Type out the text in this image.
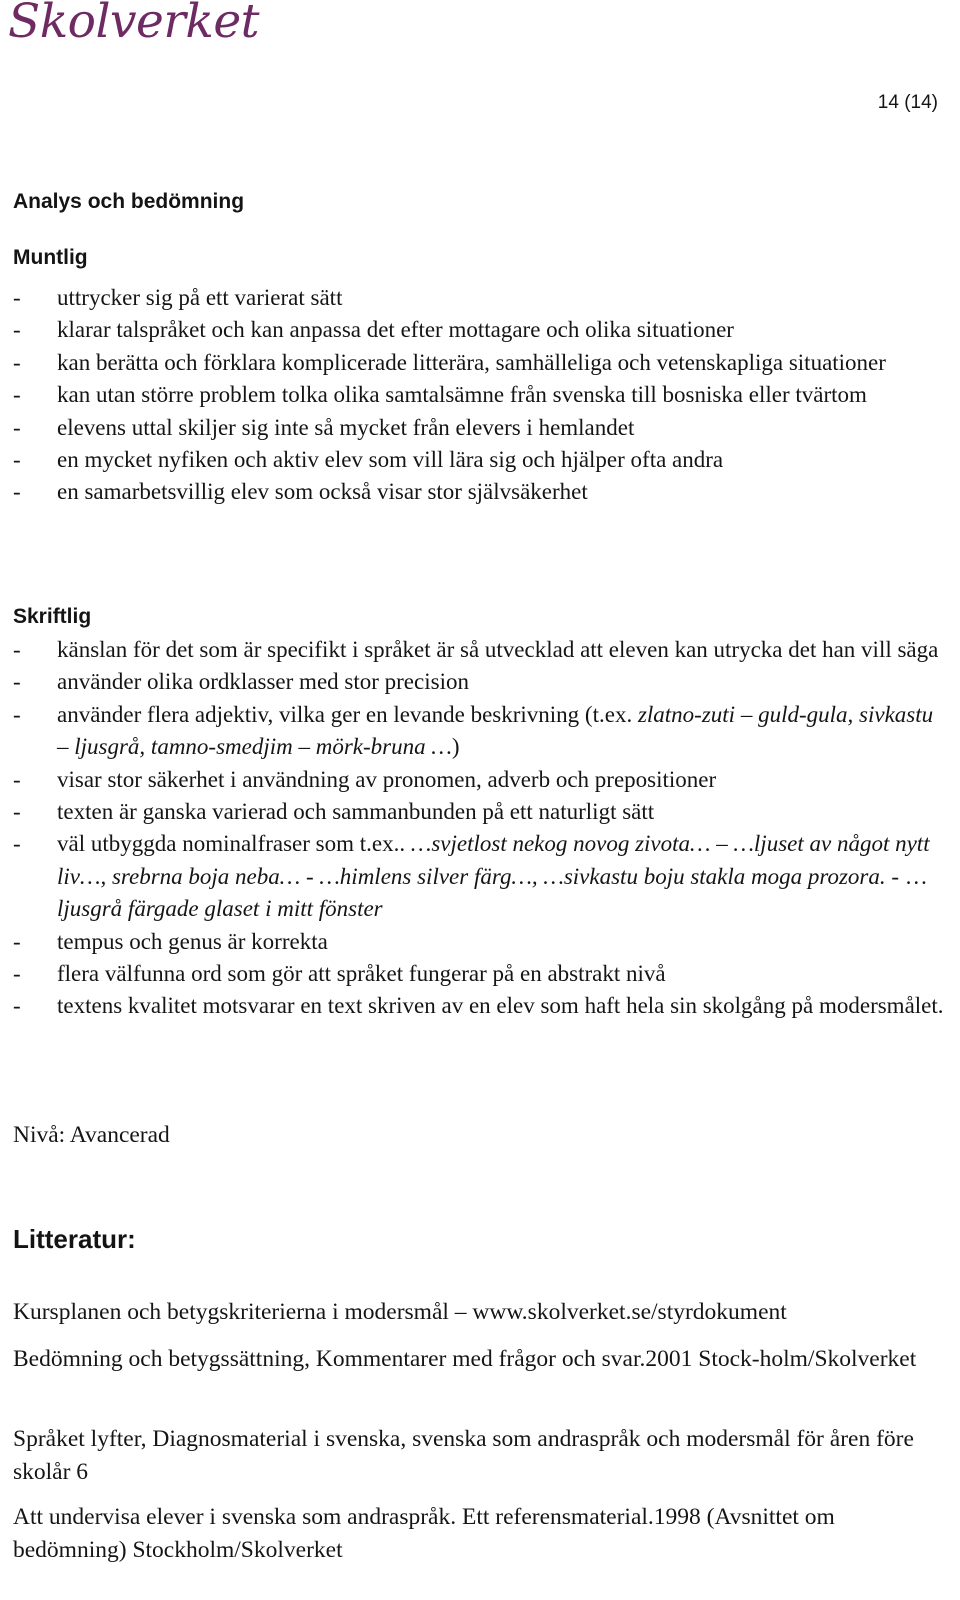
Skolverket
14 (14)
Analys och bedömning
Muntlig
- uttrycker sig på ett varierat sätt
- klarar talspråket och kan anpassa det efter mottagare och olika situationer
- kan berätta och förklara komplicerade litterära, samhälleliga och vetenskapliga situationer
- kan utan större problem tolka olika samtalsämne från svenska till bosniska eller tvärtom
- elevens uttal skiljer sig inte så mycket från elevers i hemlandet
- en mycket nyfiken och aktiv elev som vill lära sig och hjälper ofta andra
- en samarbetsvillig elev som också visar stor självsäkerhet
Skriftlig
- känslan för det som är specifikt i språket är så utvecklad att eleven kan utrycka det han vill säga
- använder olika ordklasser med stor precision
- använder flera adjektiv, vilka ger en levande beskrivning (t.ex. zlatno-zuti – guld-gula, sivkastu – ljusgrå, tamno-smedjim – mörk-bruna …)
- visar stor säkerhet i användning av pronomen, adverb och prepositioner
- texten är ganska varierad och sammanbunden på ett naturligt sätt
- väl utbyggda nominalfraser som t.ex.. …svjetlost nekog novog zivota… – …ljuset av något nytt liv…, srebrna boja neba… - …himlens silver färg…, …sivkastu boju stakla moga prozora. - … ljusgrå färgade glaset i mitt fönster
- tempus och genus är korrekta
- flera välfunna ord som gör att språket fungerar på en abstrakt nivå
- textens kvalitet motsvarar en text skriven av en elev som haft hela sin skolgång på modersmålet.
Nivå: Avancerad
Litteratur:
Kursplanen och betygskriterierna i modersmål – www.skolverket.se/styrdokument
Bedömning och betygssättning, Kommentarer med frågor och svar.2001 Stock-holm/Skolverket
Språket lyfter, Diagnosmaterial i svenska, svenska som andraspråk och modersmål för åren före skolår 6
Att undervisa elever i svenska som andraspråk. Ett referensmaterial.1998 (Avsnittet om bedömning) Stockholm/Skolverket
